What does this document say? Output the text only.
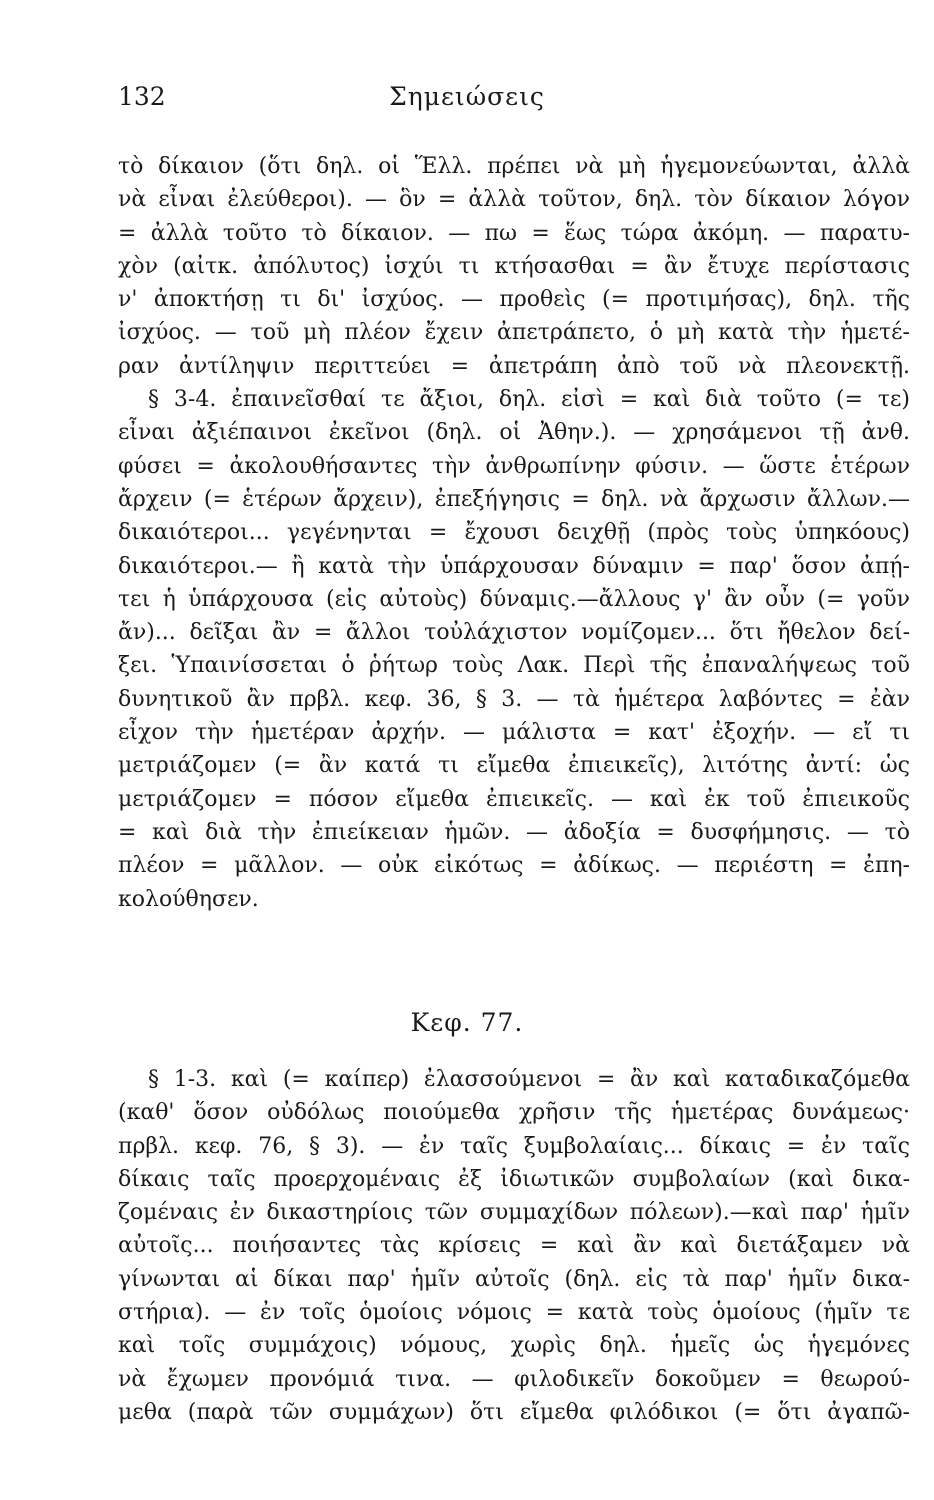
132	Σημειώσεις
τὸ δίκαιον (ὅτι δηλ. οἱ Ἕλλ. πρέπει νὰ μὴ ἡγεμονεύωνται, ἀλλὰ
νὰ εἶναι ἐλεύθεροι). — ὃν = ἀλλὰ τοῦτον, δηλ. τὸν δίκαιον λόγον
= ἀλλὰ τοῦτο τὸ δίκαιον. — πω = ἕως τώρα ἀκόμη. — παρατυ-
χὸν (αἰτκ. ἀπόλυτος) ἰσχύι τι κτήσασθαι = ἂν ἔτυχε περίστασις
ν' ἀποκτήσῃ τι δι' ἰσχύος. — προθεὶς (= προτιμήσας), δηλ. τῆς
ἰσχύος. — τοῦ μὴ πλέον ἔχειν ἀπετράπετο, ὁ μὴ κατὰ τὴν ἡμετέ-
ραν ἀντίληψιν περιττεύει = ἀπετράπη ἀπὸ τοῦ νὰ πλεονεκτῇ.
§ 3-4. ἐπαινεῖσθαί τε ἄξιοι, δηλ. εἰσὶ = καὶ διὰ τοῦτο (= τε)
εἶναι ἀξιέπαινοι ἐκεῖνοι (δηλ. οἱ Ἀθην.). — χρησάμενοι τῇ ἀνθ.
φύσει = ἀκολουθήσαντες τὴν ἀνθρωπίνην φύσιν. — ὥστε ἑτέρων
ἄρχειν (= ἑτέρων ἄρχειν), ἐπεξήγησις = δηλ. νὰ ἄρχωσιν ἄλλων.—
δικαιότεροι... γεγένηνται = ἔχουσι δειχθῇ (πρὸς τοὺς ὑπηκόους)
δικαιότεροι.— ἢ κατὰ τὴν ὑπάρχουσαν δύναμιν = παρ' ὅσον ἀπῄ-
τει ἡ ὑπάρχουσα (εἰς αὐτοὺς) δύναμις.—ἄλλους γ' ἂν οὖν (= γοῦν
ἄν)... δεῖξαι ἂν = ἄλλοι τοὐλάχιστον νομίζομεν... ὅτι ἤθελον δεί-
ξει. Ὑπαινίσσεται ὁ ῥήτωρ τοὺς Λακ. Περὶ τῆς ἐπαναλήψεως τοῦ
δυνητικοῦ ἂν πρβλ. κεφ. 36, § 3. — τὰ ἡμέτερα λαβόντες = ἐὰν
εἶχον τὴν ἡμετέραν ἀρχήν. — μάλιστα = κατ' ἐξοχήν. — εἴ τι
μετριάζομεν (= ἂν κατά τι εἴμεθα ἐπιεικεῖς), λιτότης ἀντί: ὡς
μετριάζομεν = πόσον εἴμεθα ἐπιεικεῖς. — καὶ ἐκ τοῦ ἐπιεικοῦς
= καὶ διὰ τὴν ἐπιείκειαν ἡμῶν. — ἀδοξία = δυσφήμησις. — τὸ
πλέον = μᾶλλον. — οὐκ εἰκότως = ἀδίκως. — περιέστη = ἐπη-
κολούθησεν.
Κεφ. 77.
§ 1-3. καὶ (= καίπερ) ἐλασσούμενοι = ἂν καὶ καταδικαζόμεθα
(καθ' ὅσον οὐδόλως ποιούμεθα χρῆσιν τῆς ἡμετέρας δυνάμεως·
πρβλ. κεφ. 76, § 3). — ἐν ταῖς ξυμβολαίαις... δίκαις = ἐν ταῖς
δίκαις ταῖς προερχομέναις ἐξ ἰδιωτικῶν συμβολαίων (καὶ δικα-
ζομέναις ἐν δικαστηρίοις τῶν συμμαχίδων πόλεων).—καὶ παρ' ἡμῖν
αὐτοῖς... ποιήσαντες τὰς κρίσεις = καὶ ἂν καὶ διετάξαμεν νὰ
γίνωνται αἱ δίκαι παρ' ἡμῖν αὐτοῖς (δηλ. εἰς τὰ παρ' ἡμῖν δικα-
στήρια). — ἐν τοῖς ὁμοίοις νόμοις = κατὰ τοὺς ὁμοίους (ἡμῖν τε
καὶ τοῖς συμμάχοις) νόμους, χωρὶς δηλ. ἡμεῖς ὡς ἡγεμόνες
νὰ ἔχωμεν προνόμιά τινα. — φιλοδικεῖν δοκοῦμεν = θεωρού-
μεθα (παρὰ τῶν συμμάχων) ὅτι εἴμεθα φιλόδικοι (= ὅτι ἀγαπῶ-
